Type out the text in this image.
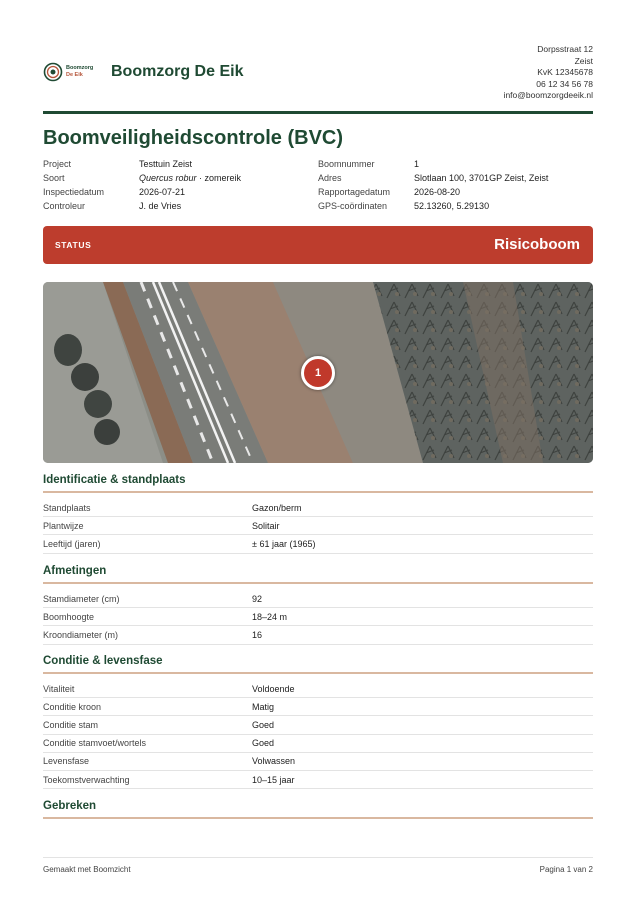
Boomzorg
De Eik	Boomzorg De Eik
Dorpsstraat 12
Zeist
KvK 12345678
06 12 34 56 78
info@boomzorgdeeik.nl
Boomveiligheidscontrole (BVC)
Project	Testtuin Zeist
Soort	Quercus robur · zomereik
Inspectiedatum	2026-07-21
Controleur	J. de Vries
Boomnummer	1
Adres	Slotlaan 100, 3701GP Zeist, Zeist
Rapportagedatum	2026-08-20
GPS-coördinaten	52.13260, 5.29130
STATUS	Risicoboom
1
Identificatie & standplaats
Standplaats	Gazon/berm
Plantwijze	Solitair
Leeftijd (jaren)	± 61 jaar (1965)
Afmetingen
Stamdiameter (cm)	92
Boomhoogte	18–24 m
Kroondiameter (m)	16
Conditie & levensfase
Vitaliteit	Voldoende
Conditie kroon	Matig
Conditie stam	Goed
Conditie stamvoet/wortels	Goed
Levensfase	Volwassen
Toekomstverwachting	10–15 jaar
Gebreken
Gemaakt met Boomzicht	Pagina 1 van 2
